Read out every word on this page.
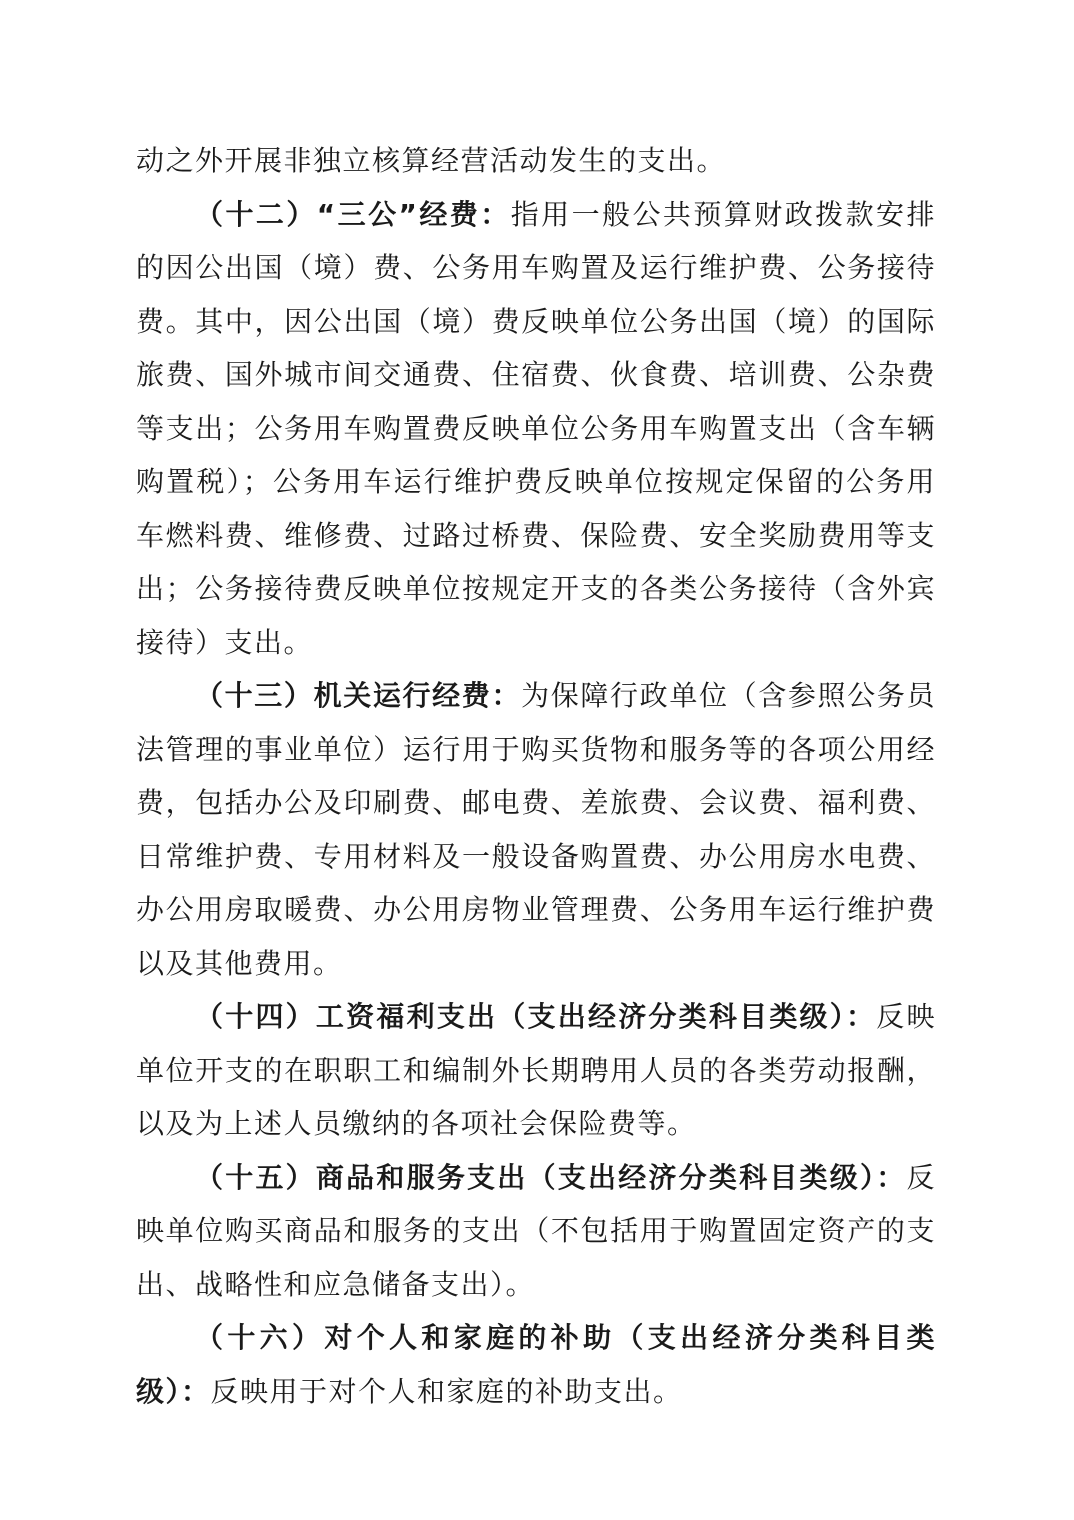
动之外开展非独立核算经营活动发生的支出。

（十二）“三公”经费：指用一般公共预算财政拨款安排的因公出国（境）费、公务用车购置及运行维护费、公务接待费。其中，因公出国（境）费反映单位公务出国（境）的国际旅费、国外城市间交通费、住宿费、伙食费、培训费、公杂费等支出；公务用车购置费反映单位公务用车购置支出（含车辆购置税）；公务用车运行维护费反映单位按规定保留的公务用车燃料费、维修费、过路过桥费、保险费、安全奖励费用等支出；公务接待费反映单位按规定开支的各类公务接待（含外宾接待）支出。

（十三）机关运行经费：为保障行政单位（含参照公务员法管理的事业单位）运行用于购买货物和服务等的各项公用经费，包括办公及印刷费、邮电费、差旅费、会议费、福利费、日常维护费、专用材料及一般设备购置费、办公用房水电费、办公用房取暖费、办公用房物业管理费、公务用车运行维护费以及其他费用。

（十四）工资福利支出（支出经济分类科目类级）：反映单位开支的在职职工和编制外长期聘用人员的各类劳动报酬，以及为上述人员缴纳的各项社会保险费等。

（十五）商品和服务支出（支出经济分类科目类级）：反映单位购买商品和服务的支出（不包括用于购置固定资产的支出、战略性和应急储备支出）。

（十六）对个人和家庭的补助（支出经济分类科目类级）：反映用于对个人和家庭的补助支出。
